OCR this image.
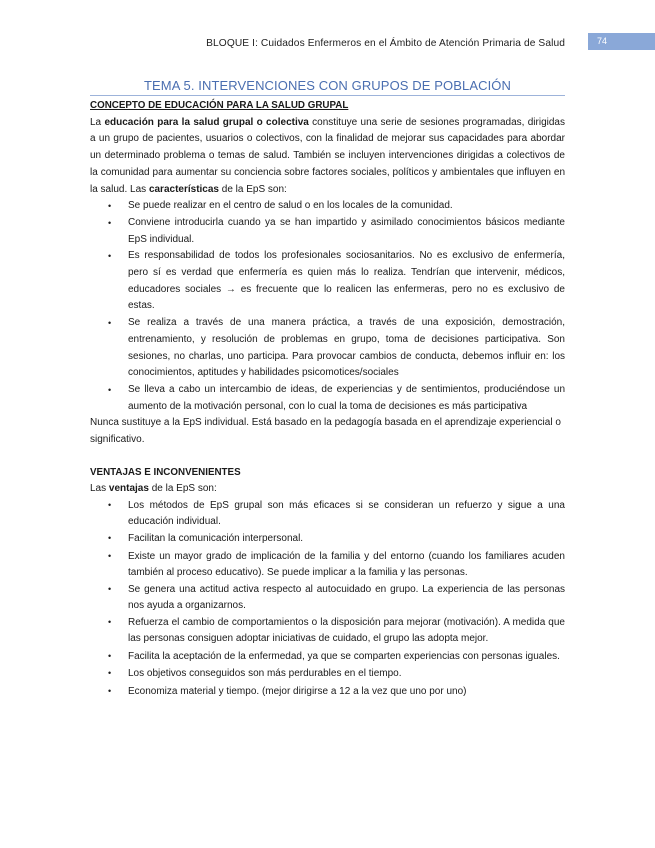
BLOQUE I: Cuidados Enfermeros en el Ámbito de Atención Primaria de Salud	74
TEMA 5. INTERVENCIONES CON GRUPOS DE POBLACIÓN

CONCEPTO DE EDUCACIÓN PARA LA SALUD GRUPAL

La educación para la salud grupal o colectiva constituye una serie de sesiones programadas, dirigidas a un grupo de pacientes, usuarios o colectivos, con la finalidad de mejorar sus capacidades para abordar un determinado problema o temas de salud. También se incluyen intervenciones dirigidas a colectivos de la comunidad para aumentar su conciencia sobre factores sociales, políticos y ambientales que influyen en la salud. Las características de la EpS son:

• Se puede realizar en el centro de salud o en los locales de la comunidad.
• Conviene introducirla cuando ya se han impartido y asimilado conocimientos básicos mediante EpS individual.
• Es responsabilidad de todos los profesionales sociosanitarios. No es exclusivo de enfermería, pero sí es verdad que enfermería es quien más lo realiza. Tendrían que intervenir, médicos, educadores sociales → es frecuente que lo realicen las enfermeras, pero no es exclusivo de estas.
• Se realiza a través de una manera práctica, a través de una exposición, demostración, entrenamiento, y resolución de problemas en grupo, toma de decisiones participativa. Son sesiones, no charlas, uno participa. Para provocar cambios de conducta, debemos influir en: los conocimientos, aptitudes y habilidades psicomotices/sociales
• Se lleva a cabo un intercambio de ideas, de experiencias y de sentimientos, produciéndose un aumento de la motivación personal, con lo cual la toma de decisiones es más participativa

Nunca sustituye a la EpS individual. Está basado en la pedagogía basada en el aprendizaje experiencial o significativo.

VENTAJAS E INCONVENIENTES

Las ventajas de la EpS son:

• Los métodos de EpS grupal son más eficaces si se consideran un refuerzo y sigue a una educación individual.
• Facilitan la comunicación interpersonal.
• Existe un mayor grado de implicación de la familia y del entorno (cuando los familiares acuden también al proceso educativo). Se puede implicar a la familia y las personas.
• Se genera una actitud activa respecto al autocuidado en grupo. La experiencia de las personas nos ayuda a organizarnos.
• Refuerza el cambio de comportamientos o la disposición para mejorar (motivación). A medida que las personas consiguen adoptar iniciativas de cuidado, el grupo las adopta mejor.
• Facilita la aceptación de la enfermedad, ya que se comparten experiencias con personas iguales.
• Los objetivos conseguidos son más perdurables en el tiempo.
• Economiza material y tiempo. (mejor dirigirse a 12 a la vez que uno por uno)
